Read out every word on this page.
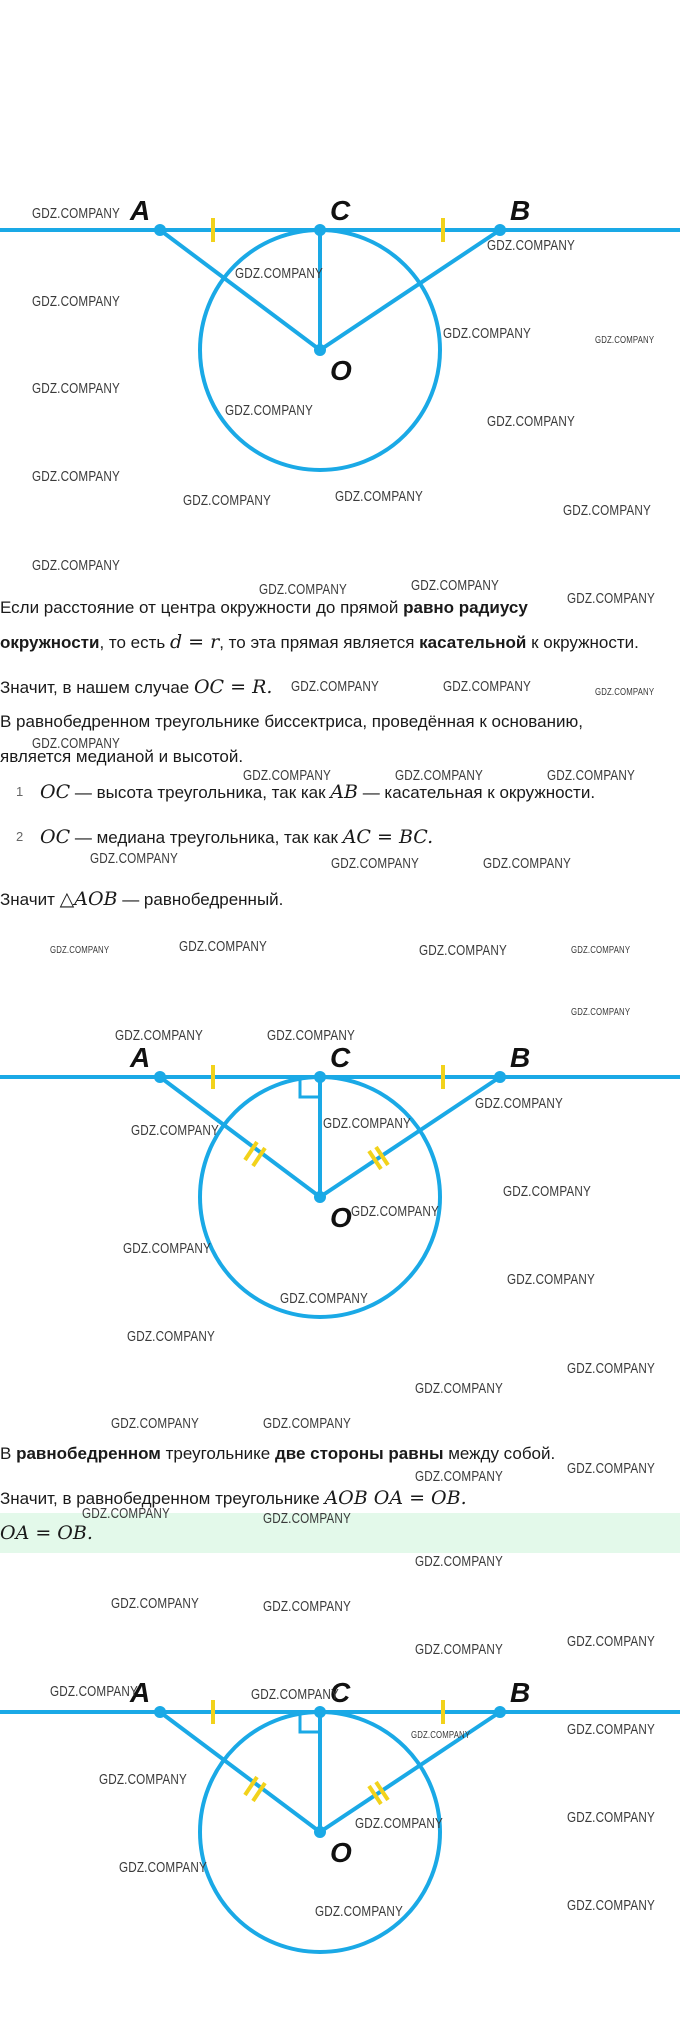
A	C	B
O
GDZ.COMPANY
GDZ.COMPANY
GDZ.COMPANY
GDZ.COMPANY
GDZ.COMPANY	GDZ.COMPANY
GDZ.COMPANY
GDZ.COMPANY
GDZ.COMPANY
GDZ.COMPANY
GDZ.COMPANY	GDZ.COMPANY
GDZ.COMPANY
GDZ.COMPANY
GDZ.COMPANY	GDZ.COMPANY
GDZ.COMPANY
Если расстояние от центра окружности до прямой равно радиусу
окружности, то есть d = r, то эта прямая является касательной к окружности.
Значит, в нашем случае OC = R.	GDZ.COMPANY	GDZ.COMPANY	GDZ.COMPANY
В равнобедренном треугольнике биссектриса, проведённая к основанию,
является медианой и высотой.
GDZ.COMPANY
1 OC — высота треугольника, так как AB — касательная к окружности.
GDZ.COMPANY	GDZ.COMPANY	GDZ.COMPANY
2 OC — медиана треугольника, так как AC = BC.
GDZ.COMPANY	GDZ.COMPANY	GDZ.COMPANY
Значит △AOB — равнобедренный.
GDZ.COMPANY	GDZ.COMPANY	GDZ.COMPANY	GDZ.COMPANY
GDZ.COMPANY
A	C	B
O
GDZ.COMPANY	GDZ.COMPANY
GDZ.COMPANY
GDZ.COMPANY	GDZ.COMPANY
GDZ.COMPANY
GDZ.COMPANY
GDZ.COMPANY
GDZ.COMPANY
GDZ.COMPANY
GDZ.COMPANY
GDZ.COMPANY
GDZ.COMPANY
GDZ.COMPANY	GDZ.COMPANY
В равнобедренном треугольнике две стороны равны между собой.
GDZ.COMPANY	GDZ.COMPANY
Значит, в равнобедренном треугольнике AOB OA = OB.
OA = OB.
GDZ.COMPANY	GDZ.COMPANY
GDZ.COMPANY
GDZ.COMPANY	GDZ.COMPANY
GDZ.COMPANY
GDZ.COMPANY
A	C	B
O
GDZ.COMPANY	GDZ.COMPANY
GDZ.COMPANY	GDZ.COMPANY
GDZ.COMPANY
GDZ.COMPANY	GDZ.COMPANY
GDZ.COMPANY
GDZ.COMPANY	GDZ.COMPANY
